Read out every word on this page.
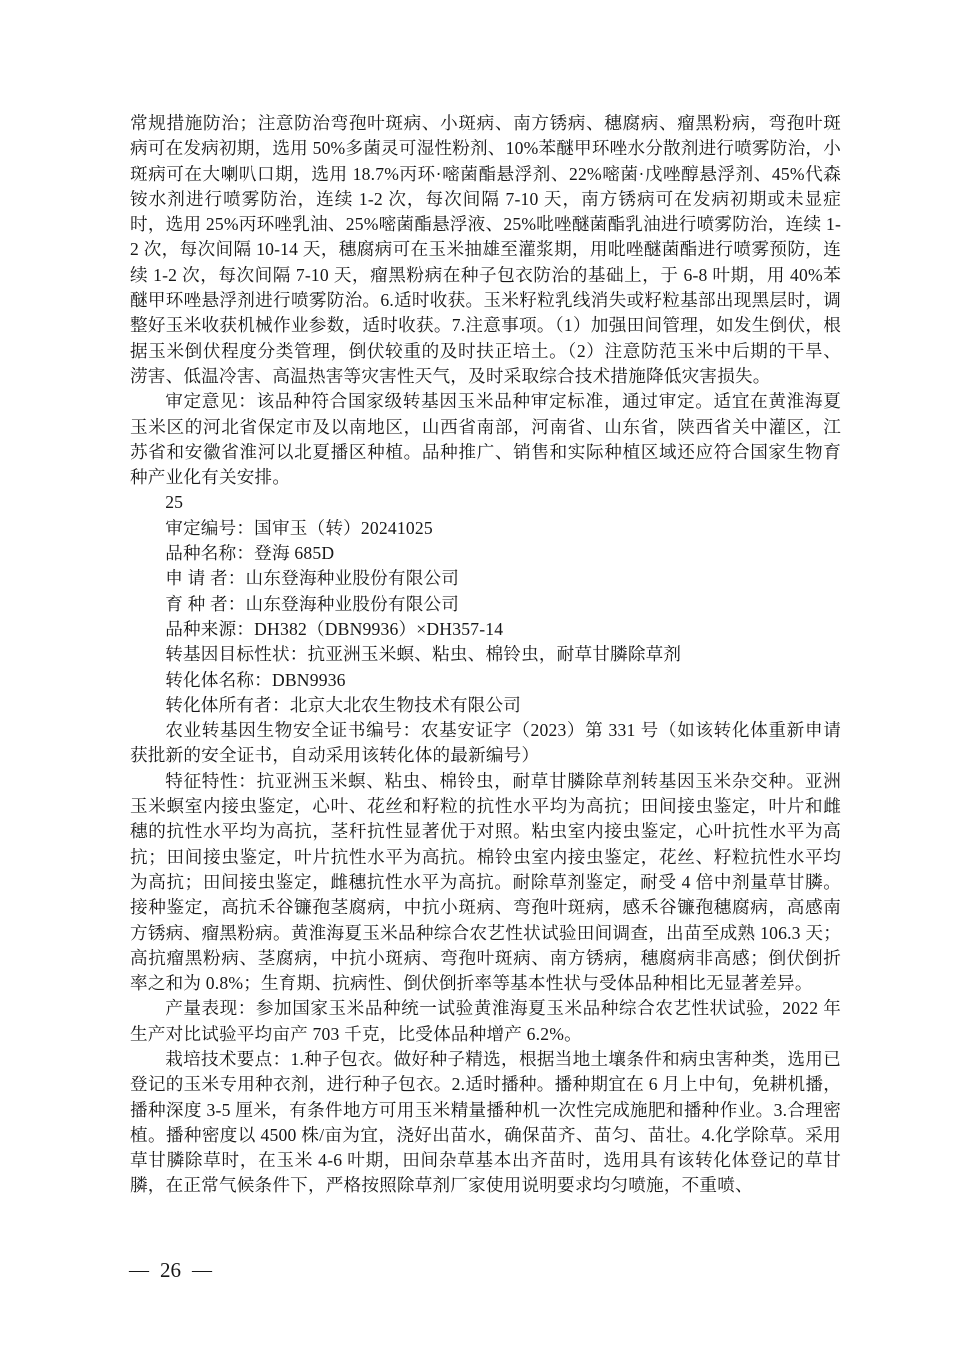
常规措施防治；注意防治弯孢叶斑病、小斑病、南方锈病、穗腐病、瘤黑粉病，弯孢叶斑病可在发病初期，选用 50%多菌灵可湿性粉剂、10%苯醚甲环唑水分散剂进行喷雾防治，小斑病可在大喇叭口期，选用 18.7%丙环·嘧菌酯悬浮剂、22%嘧菌·戊唑醇悬浮剂、45%代森铵水剂进行喷雾防治，连续 1-2 次，每次间隔 7-10 天，南方锈病可在发病初期或未显症时，选用 25%丙环唑乳油、25%嘧菌酯悬浮液、25%吡唑醚菌酯乳油进行喷雾防治，连续 1-2 次，每次间隔 10-14 天，穗腐病可在玉米抽雄至灌浆期，用吡唑醚菌酯进行喷雾预防，连续 1-2 次，每次间隔 7-10 天，瘤黑粉病在种子包衣防治的基础上，于 6-8 叶期，用 40%苯醚甲环唑悬浮剂进行喷雾防治。6.适时收获。玉米籽粒乳线消失或籽粒基部出现黑层时，调整好玉米收获机械作业参数，适时收获。7.注意事项。（1）加强田间管理，如发生倒伏，根据玉米倒伏程度分类管理，倒伏较重的及时扶正培土。（2）注意防范玉米中后期的干旱、涝害、低温冷害、高温热害等灾害性天气，及时采取综合技术措施降低灾害损失。

审定意见：该品种符合国家级转基因玉米品种审定标准，通过审定。适宜在黄淮海夏玉米区的河北省保定市及以南地区，山西省南部，河南省、山东省，陕西省关中灌区，江苏省和安徽省淮河以北夏播区种植。品种推广、销售和实际种植区域还应符合国家生物育种产业化有关安排。

25

审定编号：国审玉（转）20241025

品种名称：登海 685D

申 请 者：山东登海种业股份有限公司

育 种 者：山东登海种业股份有限公司

品种来源：DH382（DBN9936）×DH357-14

转基因目标性状：抗亚洲玉米螟、粘虫、棉铃虫，耐草甘膦除草剂

转化体名称：DBN9936

转化体所有者：北京大北农生物技术有限公司

农业转基因生物安全证书编号：农基安证字（2023）第 331 号（如该转化体重新申请获批新的安全证书，自动采用该转化体的最新编号）

特征特性：抗亚洲玉米螟、粘虫、棉铃虫，耐草甘膦除草剂转基因玉米杂交种。亚洲玉米螟室内接虫鉴定，心叶、花丝和籽粒的抗性水平均为高抗；田间接虫鉴定，叶片和雌穗的抗性水平均为高抗，茎秆抗性显著优于对照。粘虫室内接虫鉴定，心叶抗性水平为高抗；田间接虫鉴定，叶片抗性水平为高抗。棉铃虫室内接虫鉴定，花丝、籽粒抗性水平均为高抗；田间接虫鉴定，雌穗抗性水平为高抗。耐除草剂鉴定，耐受 4 倍中剂量草甘膦。接种鉴定，高抗禾谷镰孢茎腐病，中抗小斑病、弯孢叶斑病，感禾谷镰孢穗腐病，高感南方锈病、瘤黑粉病。黄淮海夏玉米品种综合农艺性状试验田间调查，出苗至成熟 106.3 天；高抗瘤黑粉病、茎腐病，中抗小斑病、弯孢叶斑病、南方锈病，穗腐病非高感；倒伏倒折率之和为 0.8%；生育期、抗病性、倒伏倒折率等基本性状与受体品种相比无显著差异。

产量表现：参加国家玉米品种统一试验黄淮海夏玉米品种综合农艺性状试验，2022 年生产对比试验平均亩产 703 千克，比受体品种增产 6.2%。

栽培技术要点：1.种子包衣。做好种子精选，根据当地土壤条件和病虫害种类，选用已登记的玉米专用种衣剂，进行种子包衣。2.适时播种。播种期宜在 6 月上中旬，免耕机播，播种深度 3-5 厘米，有条件地方可用玉米精量播种机一次性完成施肥和播种作业。3.合理密植。播种密度以 4500 株/亩为宜，浇好出苗水，确保苗齐、苗匀、苗壮。4.化学除草。采用草甘膦除草时，在玉米 4-6 叶期，田间杂草基本出齐苗时，选用具有该转化体登记的草甘膦，在正常气候条件下，严格按照除草剂厂家使用说明要求均匀喷施，不重喷、

— 26 —
